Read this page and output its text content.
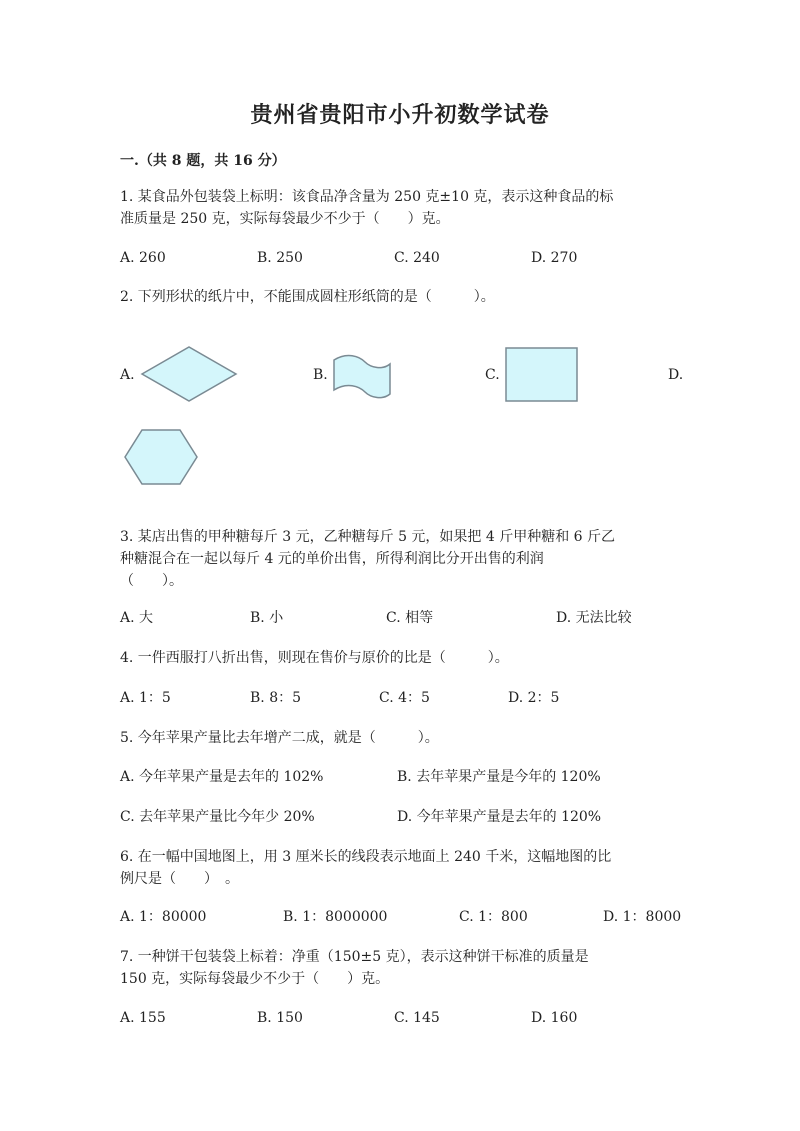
贵州省贵阳市小升初数学试卷
一.（共 8 题，共 16 分）
1. 某食品外包装袋上标明：该食品净含量为 250 克±10 克，表示这种食品的标
准质量是 250 克，实际每袋最少不少于（　　）克。
A. 260	B. 250	C. 240	D. 270
2. 下列形状的纸片中，不能围成圆柱形纸筒的是（　　　）。
A.	B.	C.	D.
3. 某店出售的甲种糖每斤 3 元，乙种糖每斤 5 元，如果把 4 斤甲种糖和 6 斤乙
种糖混合在一起以每斤 4 元的单价出售，所得利润比分开出售的利润
（　　）。
A. 大	B. 小	C. 相等	D. 无法比较
4. 一件西服打八折出售，则现在售价与原价的比是（　　　）。
A. 1：5	B. 8：5	C. 4：5	D. 2：5
5. 今年苹果产量比去年增产二成，就是（　　　）。
A. 今年苹果产量是去年的 102%	B. 去年苹果产量是今年的 120%
C. 去年苹果产量比今年少 20%	D. 今年苹果产量是去年的 120%
6. 在一幅中国地图上，用 3 厘米长的线段表示地面上 240 千米，这幅地图的比
例尺是（　　）　。
A. 1：80000	B. 1：8000000	C. 1：800	D. 1：8000
7. 一种饼干包装袋上标着：净重（150±5 克），表示这种饼干标准的质量是
150 克，实际每袋最少不少于（　　）克。
A. 155	B. 150	C. 145	D. 160
